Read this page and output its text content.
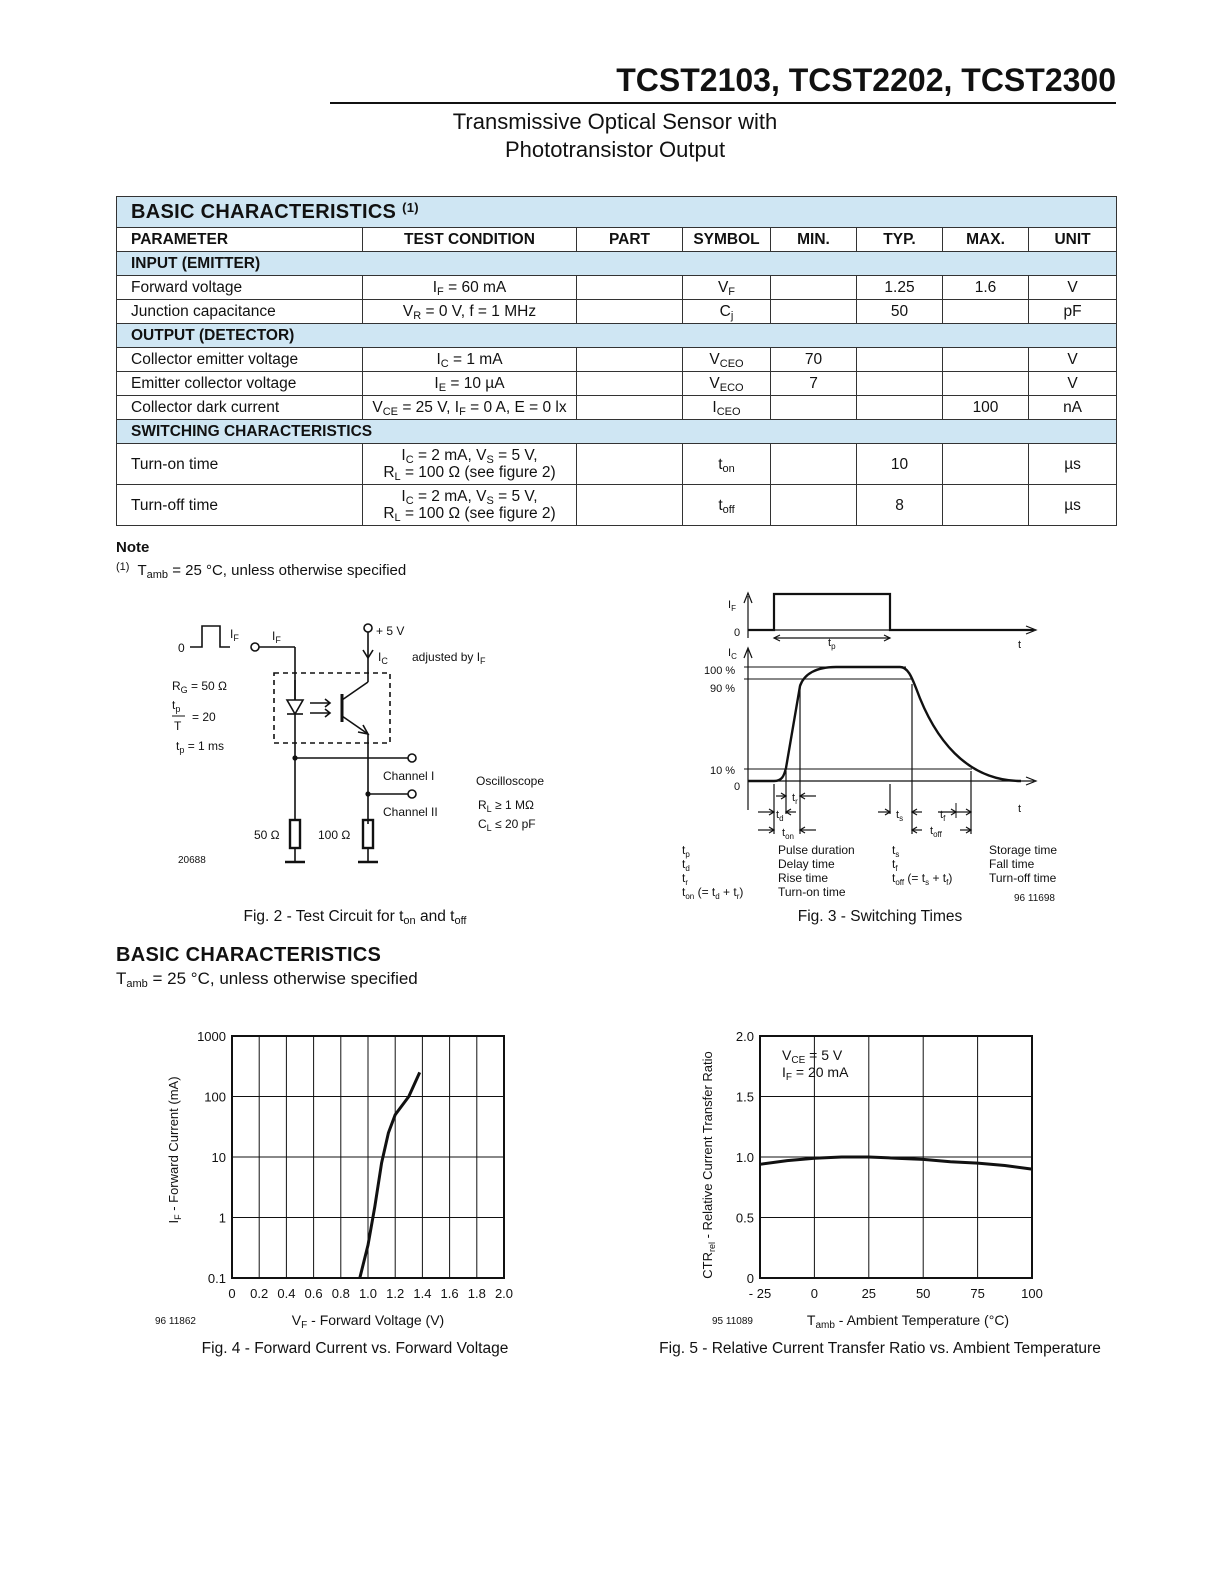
TCST2103, TCST2202, TCST2300
Transmissive Optical Sensor with
Phototransistor Output
BASIC CHARACTERISTICS $^{(1)}$
PARAMETER	TEST CONDITION	PART	SYMBOL	MIN.	TYP.	MAX.	UNIT
INPUT (EMITTER)							
Forward voltage	$I_F = 60$ mA		$V_F$		1.25	1.6	V
Junction capacitance	$V_R = 0$ V, f = 1 MHz		$C_j$		50		pF
OUTPUT (DETECTOR)							
Collector emitter voltage	$I_C = 1$ mA		$V_{CEO}$	70			V
Emitter collector voltage	$I_E = 10$ µA		$V_{ECO}$	7			V
Collector dark current	$V_{CE} = 25$ V, $I_F = 0$ A, E = 0 lx		$I_{CEO}$			100	nA
SWITCHING CHARACTERISTICS							
Turn-on time	$I_C = 2$ mA, $V_S = 5$ V,
$R_L = 100$ Ω (see figure 2)		$t_{on}$		10		µs
Turn-off time	$I_C = 2$ mA, $V_S = 5$ V,
$R_L = 100$ Ω (see figure 2)		$t_{off}$		8		µs
Note
$^{(1)}$ $T_{amb} = 25$ °C, unless otherwise specified
0
$I_F$	$I_F$
+ 5 V
$I_C$ adjusted by $I_F$
$R_G = 50$ Ω
$t_p$
T
= 20
$t_p = 1$ ms
Channel I
Channel II
Oscilloscope
$R_L \ge 1$ MΩ
$C_L \le 20$ pF
50 Ω	100 Ω
20688
Fig. 2 - Test Circuit for $t_{on}$ and $t_{off}$
$I_F$
0
$t_p$	t
$I_C$
100 %
90 %
10 %
0
t
$t_r$
$t_d$
$t_{on}$
$t_s$	$t_f$
$t_{off}$
$t_p$	Pulse duration
$t_d$	Delay time
$t_r$	Rise time
$t_{on}$ (= $t_d + t_r$)	Turn-on time
$t_s$	Storage time
$t_f$	Fall time
$t_{off}$ (= $t_s + t_f$)	Turn-off time
96 11698
Fig. 3 - Switching Times
BASIC CHARACTERISTICS
$T_{amb} = 25$ °C, unless otherwise specified
0.1
1
10
100
1000
0 0.2 0.4 0.6 0.8 1.0 1.2 1.4 1.6 1.8 2.0
$I_F$ - Forward Current (mA)
$V_F$ - Forward Voltage (V)
96 11862
Fig. 4 - Forward Current vs. Forward Voltage
0
0.5
1.0
1.5
2.0
- 25	0	25	50	75	100
$V_{CE} = 5$ V
$I_F = 20$ mA
$CTR_{rel}$ - Relative Current Transfer Ratio
$T_{amb}$ - Ambient Temperature (°C)
95 11089
Fig. 5 - Relative Current Transfer Ratio vs. Ambient Temperature
